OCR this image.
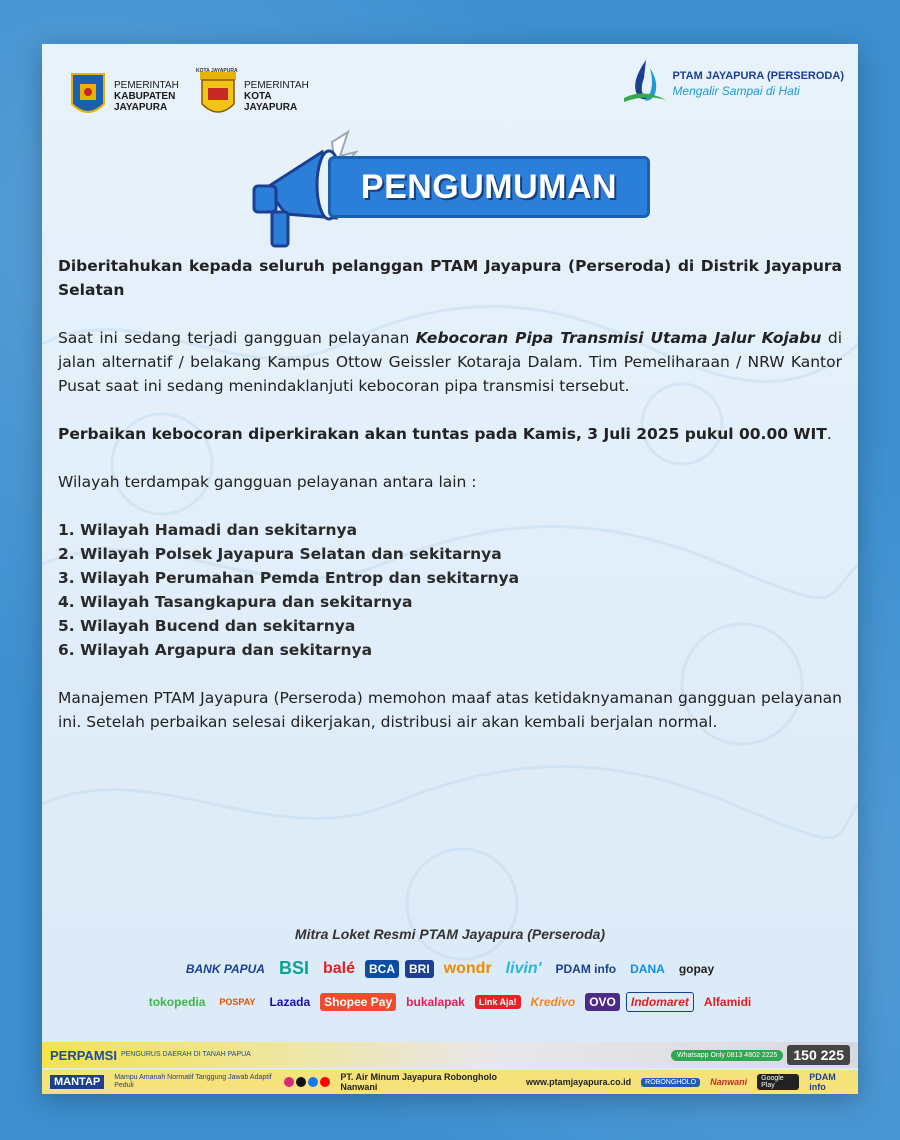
PEMERINTAH
KABUPATEN
JAYAPURA
PEMERINTAH
KOTA
JAYAPURA
KOTA JAYAPURA	PTAM JAYAPURA (PERSERODA)
Mengalir Sampai di Hati
PENGUMUMAN

Diberitahukan kepada seluruh pelanggan PTAM Jayapura (Perseroda) di Distrik Jayapura Selatan

Saat ini sedang terjadi gangguan pelayanan Kebocoran Pipa Transmisi Utama Jalur Kojabu di jalan alternatif / belakang Kampus Ottow Geissler Kotaraja Dalam. Tim Pemeliharaan / NRW Kantor Pusat saat ini sedang menindaklanjuti kebocoran pipa transmisi tersebut.

Perbaikan kebocoran diperkirakan akan tuntas pada Kamis, 3 Juli 2025 pukul 00.00 WIT.

Wilayah terdampak gangguan pelayanan antara lain :

1. Wilayah Hamadi dan sekitarnya
2. Wilayah Polsek Jayapura Selatan dan sekitarnya
3. Wilayah Perumahan Pemda Entrop dan sekitarnya
4. Wilayah Tasangkapura dan sekitarnya
5. Wilayah Bucend dan sekitarnya
6. Wilayah Argapura dan sekitarnya

Manajemen PTAM Jayapura (Perseroda) memohon maaf atas ketidaknyamanan gangguan pelayanan ini. Setelah perbaikan selesai dikerjakan, distribusi air akan kembali berjalan normal.

Mitra Loket Resmi PTAM Jayapura (Perseroda)
BANK PAPUA BSI balé	BCA	BRI wondr livin'	PDAM info	DANA	gopay
tokopedia	POSPAY	Lazada	Shopee Pay	bukalapak	Link Aja!	Kredivo	OVO	Indomaret	Alfamidi
PERPAMSI PENGURUS DAERAH DI TANAH PAPUA	Whatsapp Only 0813 4802 2225	150 225
MANTAP	Mampu Amanah Normatif Tanggung Jawab Adaptif Peduli
PT. Air Minum Jayapura Robongholo Nanwani	www.ptamjayapura.co.id	ROBONGHOLO	Nanwani	Google Play
PDAM info
